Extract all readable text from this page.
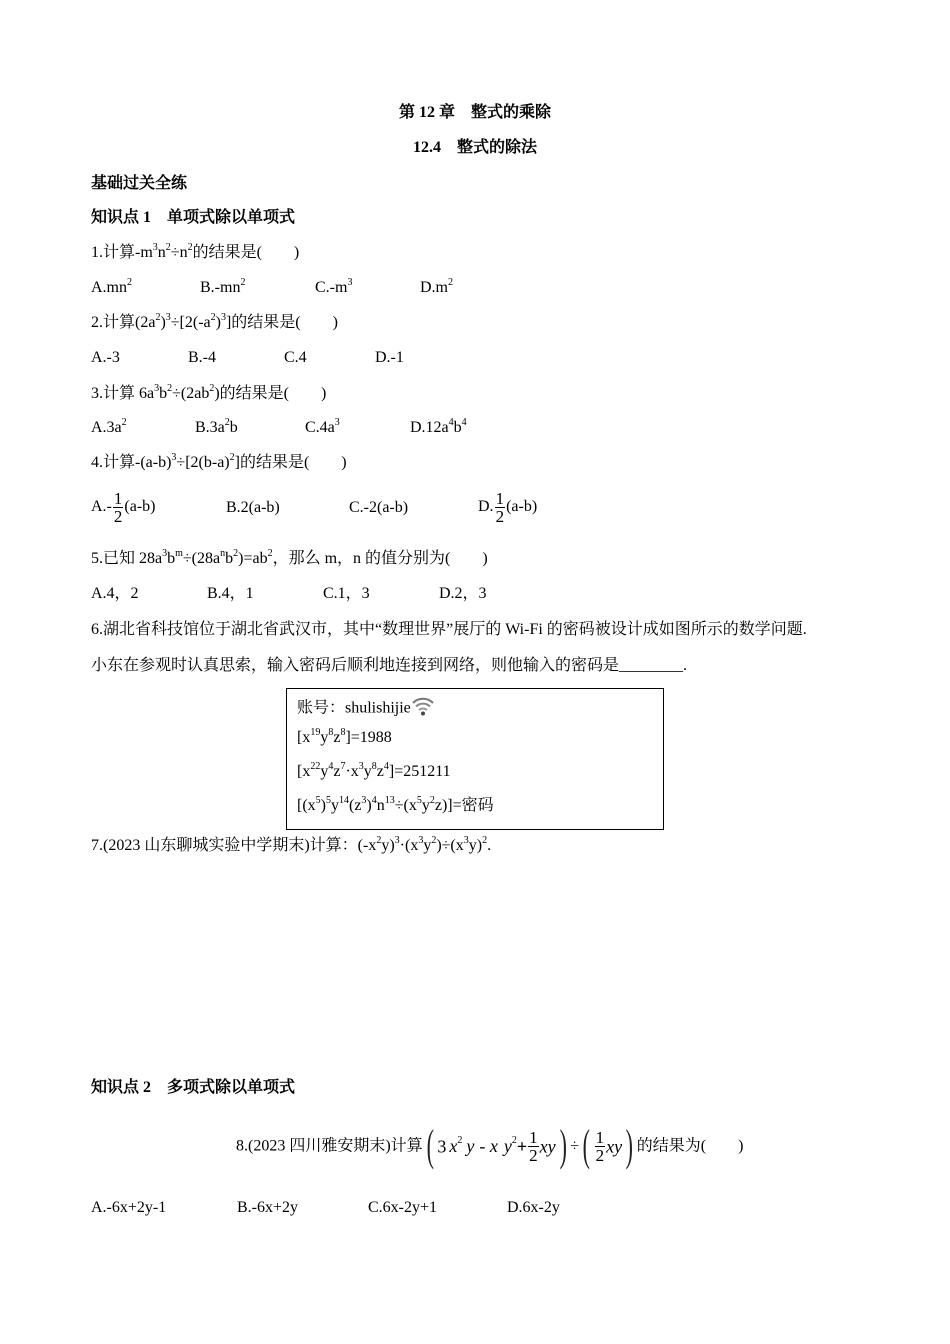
第 12 章　整式的乘除
12.4　整式的除法
基础过关全练
知识点 1　单项式除以单项式
1.计算$-m^3n^2\div n^2$的结果是(　　)
$A.mn^2$	$B.-mn^2$	$C.-m^3$	$D.m^2$
2.计算$(2a^2)^3\div[2(-a^2)^3]$的结果是(　　)
A.-3	B.-4	C.4	D.-1
3.计算 $6a^3b^2\div(2ab^2)$的结果是(　　)
$A.3a^2$	$B.3a^2b$	$C.4a^3$	$D.12a^4b^4$
4.计算$-(a-b)^3\div[2(b-a)^2]$的结果是(　　)
$A.- \frac{1}{2} (a-b)$	B.2(a-b)	C.-2(a-b)	D. $\frac{1}{2} (a-b)$
5.已知 $28a^3b^m\div(28a^nb^2)=ab^2$，那么 m，n 的值分别为(　　)
A.4，2	B.4，1	C.1，3	D.2，3
6.湖北省科技馆位于湖北省武汉市，其中“数理世界”展厅的 Wi-Fi 的密码被设计成如图所示的数学问题.
小东在参观时认真思索，输入密码后顺利地连接到网络，则他输入的密码是________.
账号：shulishijie
$[x^{19}y^8z^8]=1988$
$[x^{22}y^4z^7\cdot x^3y^8z^4]=251211$
$[(x^5)^5y^{14}(z^3)^4n^{13}\div(x^5y^2z)]=$密码
7.(2023 山东聊城实验中学期末)计算：$(-x^2y)^3\cdot(x^3y^2)\div(x^3y)^2$.
知识点 2　多项式除以单项式
8.(2023 四川雅安期末)计算( 3 $x^2$ y - x $y^2+ \frac{1}{2} xy$) ÷( $\frac{1}{2} xy$) 的结果为(　　)
A.-6x+2y-1	B.-6x+2y	C.6x-2y+1	D.6x-2y
